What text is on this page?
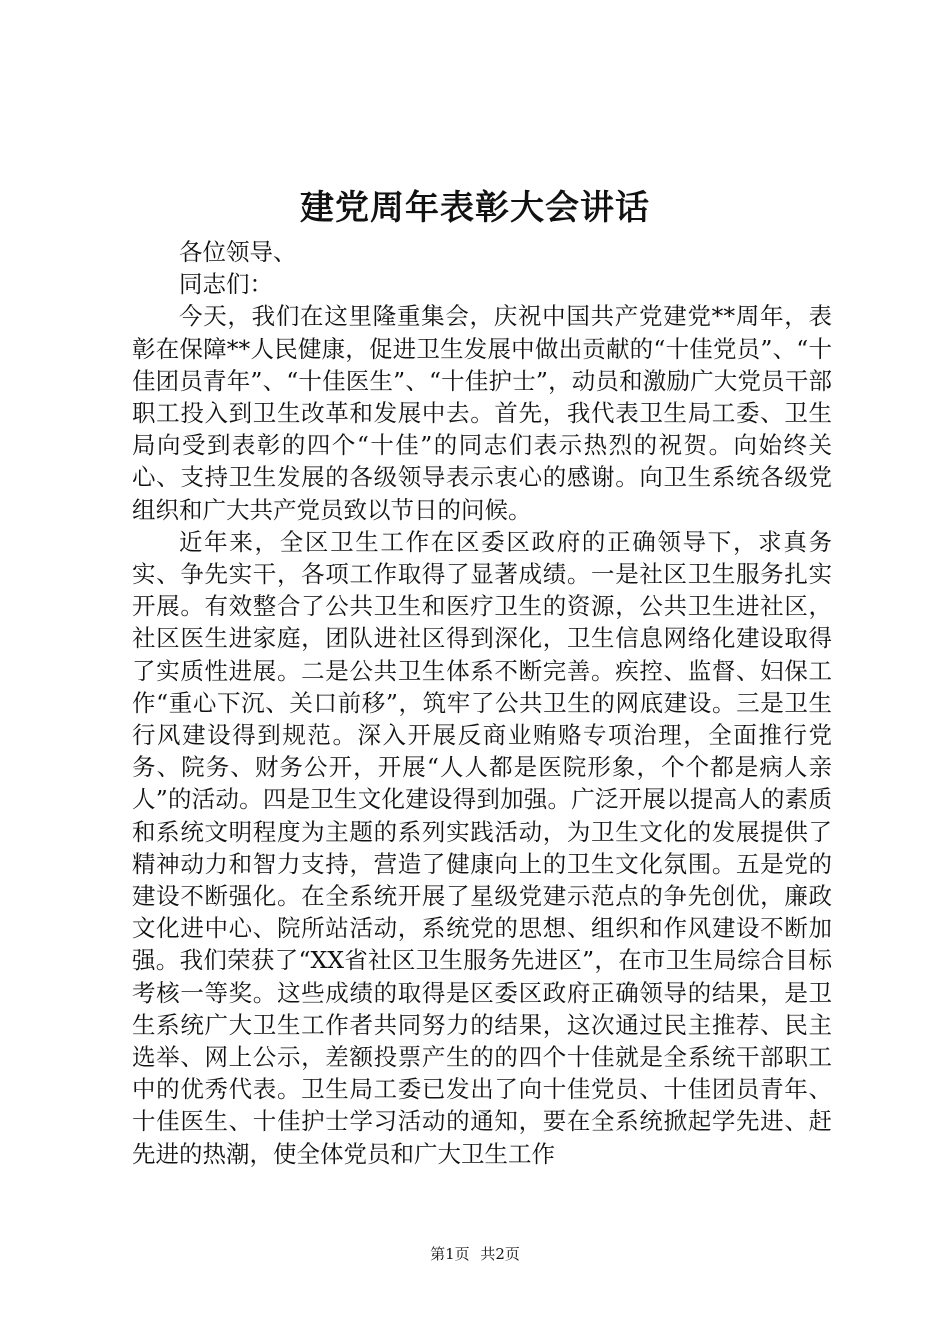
建党周年表彰大会讲话

各位领导、

同志们：

今天，我们在这里隆重集会，庆祝中国共产党建党**周年，表彰在保障**人民健康，促进卫生发展中做出贡献的“十佳党员”、“十佳团员青年”、“十佳医生”、“十佳护士”，动员和激励广大党员干部职工投入到卫生改革和发展中去。首先，我代表卫生局工委、卫生局向受到表彰的四个“十佳”的同志们表示热烈的祝贺。向始终关心、支持卫生发展的各级领导表示衷心的感谢。向卫生系统各级党组织和广大共产党员致以节日的问候。

近年来，全区卫生工作在区委区政府的正确领导下，求真务实、争先实干，各项工作取得了显著成绩。一是社区卫生服务扎实开展。有效整合了公共卫生和医疗卫生的资源，公共卫生进社区，社区医生进家庭，团队进社区得到深化，卫生信息网络化建设取得了实质性进展。二是公共卫生体系不断完善。疾控、监督、妇保工作“重心下沉、关口前移”，筑牢了公共卫生的网底建设。三是卫生行风建设得到规范。深入开展反商业贿赂专项治理，全面推行党务、院务、财务公开，开展“人人都是医院形象，个个都是病人亲人”的活动。四是卫生文化建设得到加强。广泛开展以提高人的素质和系统文明程度为主题的系列实践活动，为卫生文化的发展提供了精神动力和智力支持，营造了健康向上的卫生文化氛围。五是党的建设不断强化。在全系统开展了星级党建示范点的争先创优，廉政文化进中心、院所站活动，系统党的思想、组织和作风建设不断加强。我们荣获了“XX省社区卫生服务先进区”，在市卫生局综合目标考核一等奖。这些成绩的取得是区委区政府正确领导的结果，是卫生系统广大卫生工作者共同努力的结果，这次通过民主推荐、民主选举、网上公示，差额投票产生的的四个十佳就是全系统干部职工中的优秀代表。卫生局工委已发出了向十佳党员、十佳团员青年、十佳医生、十佳护士学习活动的通知，要在全系统掀起学先进、赶先进的热潮，使全体党员和广大卫生工作

第1页 共2页
